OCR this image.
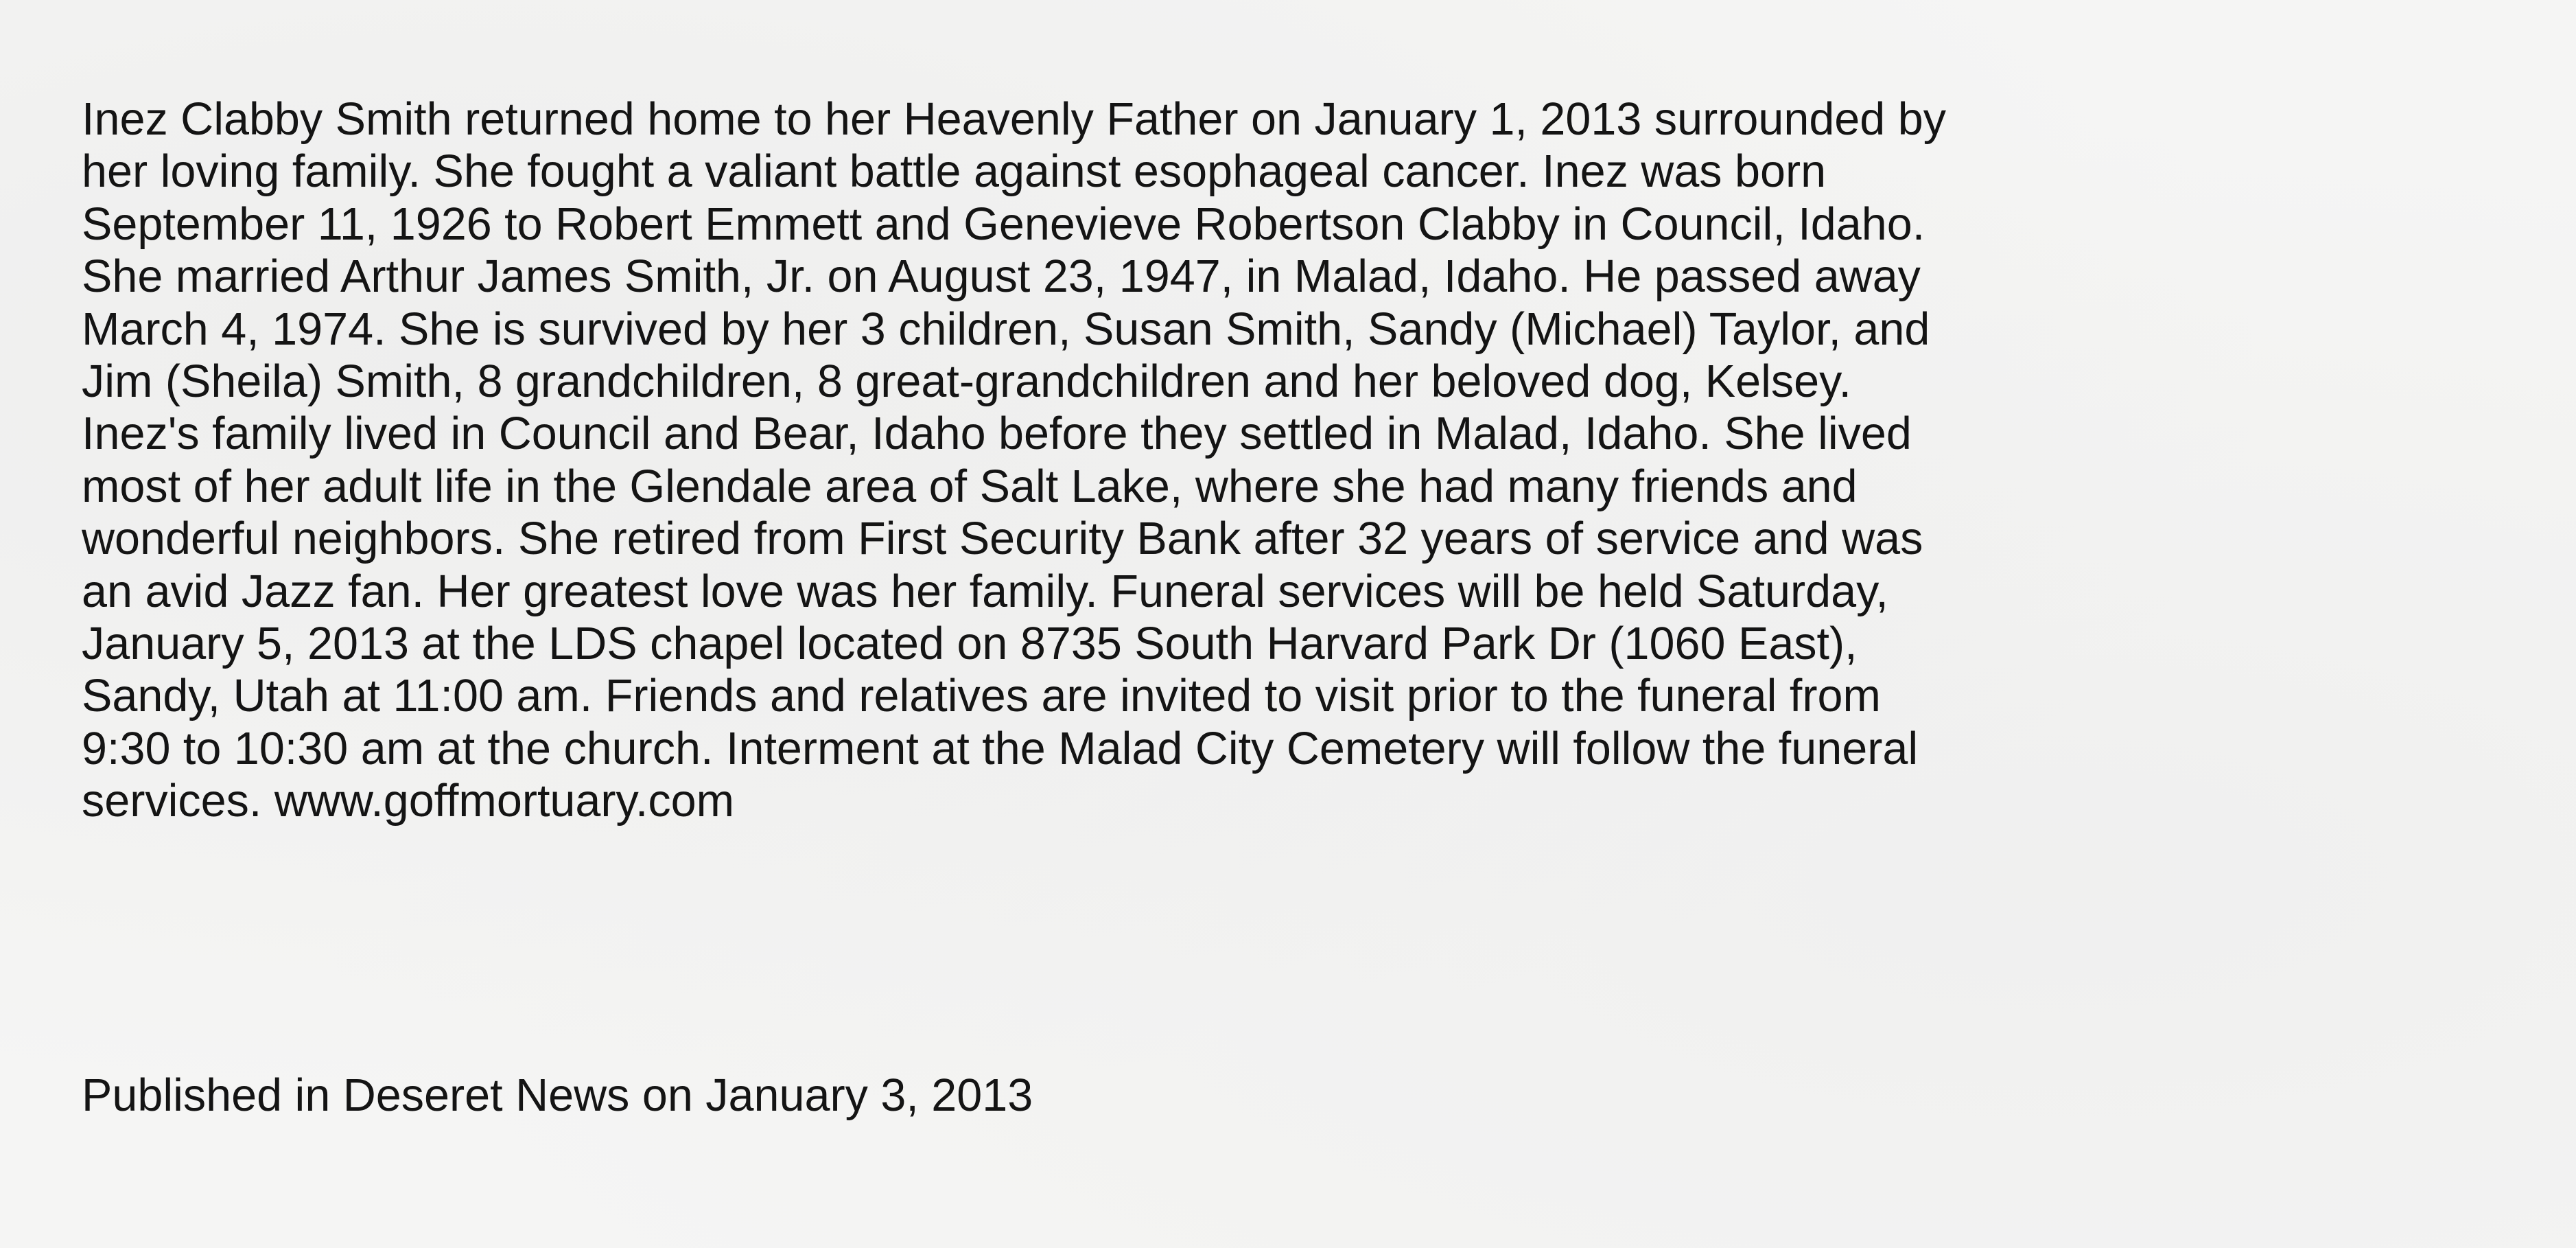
Inez Clabby Smith returned home to her Heavenly Father on January 1, 2013 surrounded by
her loving family. She fought a valiant battle against esophageal cancer. Inez was born
September 11, 1926 to Robert Emmett and Genevieve Robertson Clabby in Council, Idaho.
She married Arthur James Smith, Jr. on August 23, 1947, in Malad, Idaho. He passed away
March 4, 1974. She is survived by her 3 children, Susan Smith, Sandy (Michael) Taylor, and
Jim (Sheila) Smith, 8 grandchildren, 8 great-grandchildren and her beloved dog, Kelsey.
Inez's family lived in Council and Bear, Idaho before they settled in Malad, Idaho. She lived
most of her adult life in the Glendale area of Salt Lake, where she had many friends and
wonderful neighbors. She retired from First Security Bank after 32 years of service and was
an avid Jazz fan. Her greatest love was her family. Funeral services will be held Saturday,
January 5, 2013 at the LDS chapel located on 8735 South Harvard Park Dr (1060 East),
Sandy, Utah at 11:00 am. Friends and relatives are invited to visit prior to the funeral from
9:30 to 10:30 am at the church. Interment at the Malad City Cemetery will follow the funeral
services. www.goffmortuary.com
Published in Deseret News on January 3, 2013
